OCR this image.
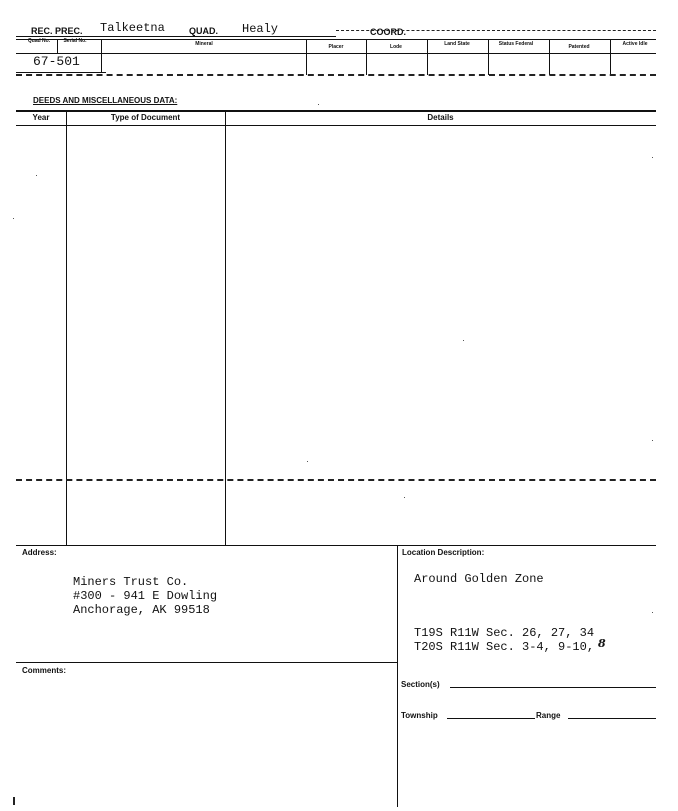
REC. PREC. Talkeetna	QUAD. Healy	COORD.
Quad No.	Serial No.	Mineral	Placer	Lode	Land State	Status Federal	Patented	Active Idle
67-501
DEEDS AND MISCELLANEOUS DATA:
Year	Type of Document	Details
Address:
Miners Trust Co.
#300 - 941 E Dowling
Anchorage, AK 99518
Comments:
Location Description:
Around Golden Zone
T19S R11W Sec. 26, 27, 34
T20S R11W Sec. 3-4, 9-10, 8
Section(s)
Township	Range
